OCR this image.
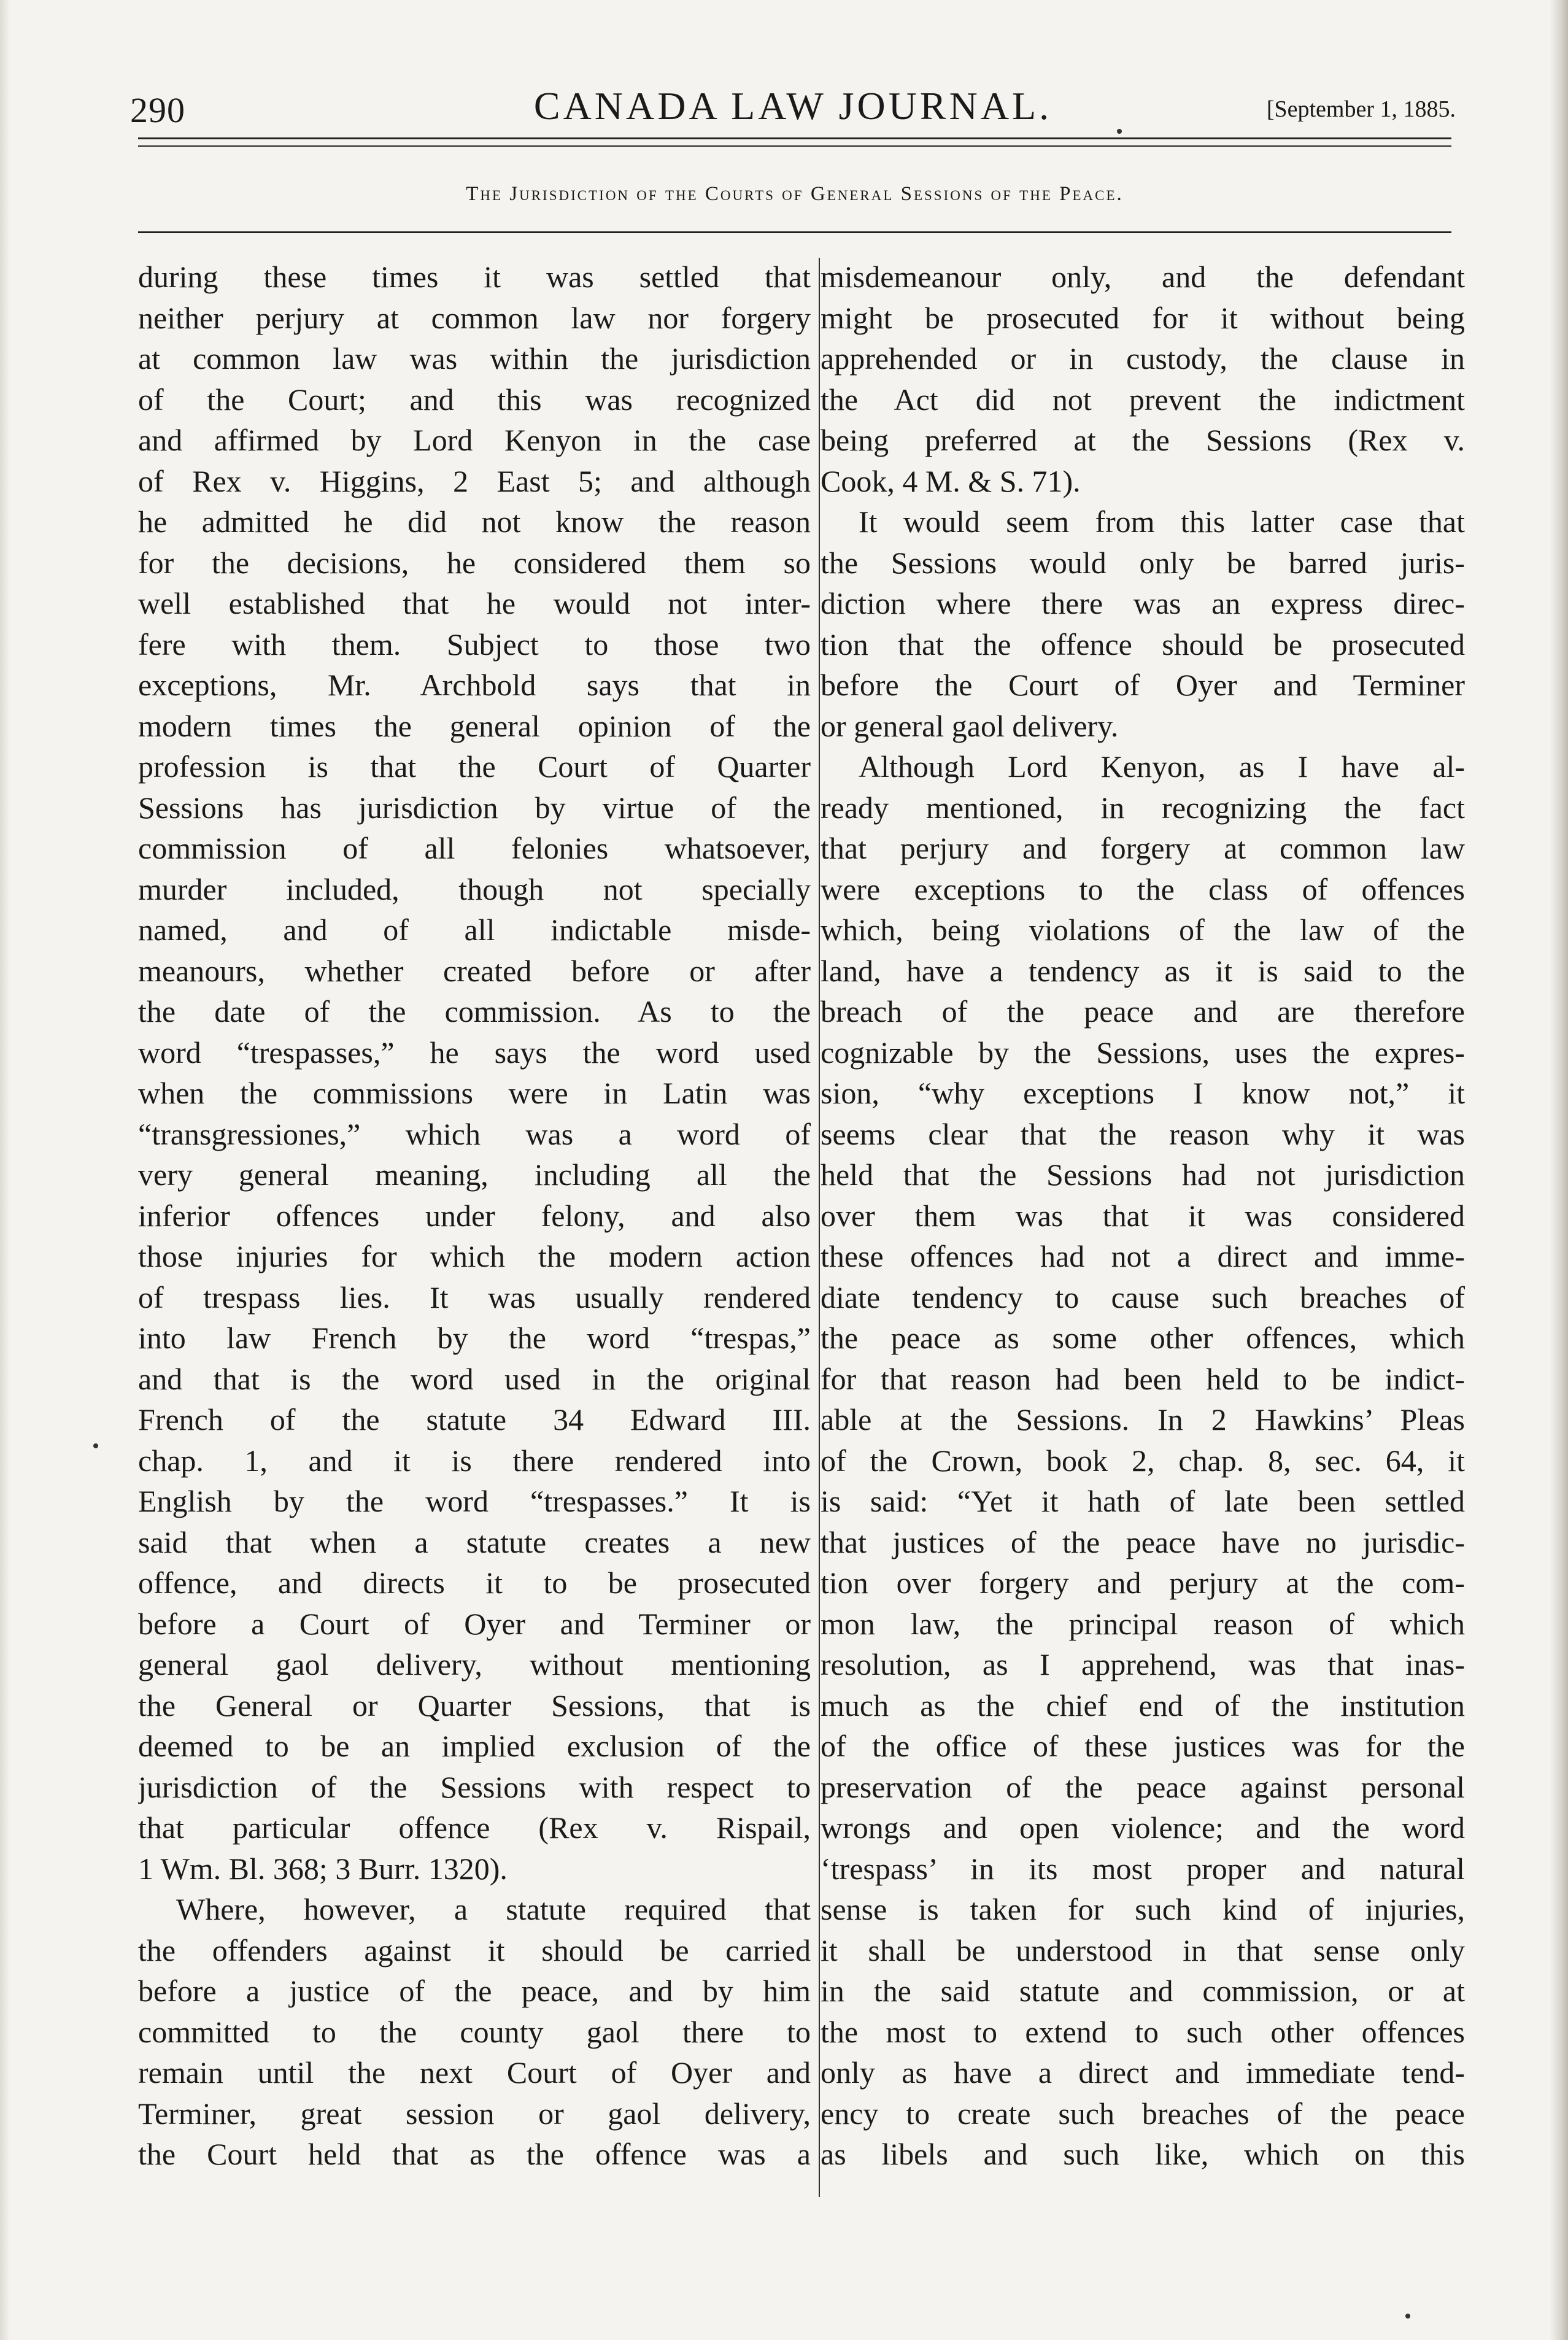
290	CANADA LAW JOURNAL.	[September 1, 1885.
The Jurisdiction of the Courts of General Sessions of the Peace.
during these times it was settled that
neither perjury at common law nor forgery
at common law was within the jurisdiction
of the Court; and this was recognized
and affirmed by Lord Kenyon in the case
of Rex v. Higgins, 2 East 5; and although
he admitted he did not know the reason
for the decisions, he considered them so
well established that he would not inter-
fere with them. Subject to those two
exceptions, Mr. Archbold says that in
modern times the general opinion of the
profession is that the Court of Quarter
Sessions has jurisdiction by virtue of the
commission of all felonies whatsoever,
murder included, though not specially
named, and of all indictable misde-
meanours, whether created before or after
the date of the commission. As to the
word “trespasses,” he says the word used
when the commissions were in Latin was
“transgressiones,” which was a word of
very general meaning, including all the
inferior offences under felony, and also
those injuries for which the modern action
of trespass lies. It was usually rendered
into law French by the word “trespas,”
and that is the word used in the original
French of the statute 34 Edward III.
chap. 1, and it is there rendered into
English by the word “trespasses.” It is
said that when a statute creates a new
offence, and directs it to be prosecuted
before a Court of Oyer and Terminer or
general gaol delivery, without mentioning
the General or Quarter Sessions, that is
deemed to be an implied exclusion of the
jurisdiction of the Sessions with respect to
that particular offence (Rex v. Rispail,
1 Wm. Bl. 368; 3 Burr. 1320).
Where, however, a statute required that
the offenders against it should be carried
before a justice of the peace, and by him
committed to the county gaol there to
remain until the next Court of Oyer and
Terminer, great session or gaol delivery,
the Court held that as the offence was a
misdemeanour only, and the defendant
might be prosecuted for it without being
apprehended or in custody, the clause in
the Act did not prevent the indictment
being preferred at the Sessions (Rex v.
Cook, 4 M. & S. 71).
It would seem from this latter case that
the Sessions would only be barred juris-
diction where there was an express direc-
tion that the offence should be prosecuted
before the Court of Oyer and Terminer
or general gaol delivery.
Although Lord Kenyon, as I have al-
ready mentioned, in recognizing the fact
that perjury and forgery at common law
were exceptions to the class of offences
which, being violations of the law of the
land, have a tendency as it is said to the
breach of the peace and are therefore
cognizable by the Sessions, uses the expres-
sion, “why exceptions I know not,” it
seems clear that the reason why it was
held that the Sessions had not jurisdiction
over them was that it was considered
these offences had not a direct and imme-
diate tendency to cause such breaches of
the peace as some other offences, which
for that reason had been held to be indict-
able at the Sessions. In 2 Hawkins’ Pleas
of the Crown, book 2, chap. 8, sec. 64, it
is said: “Yet it hath of late been settled
that justices of the peace have no jurisdic-
tion over forgery and perjury at the com-
mon law, the principal reason of which
resolution, as I apprehend, was that inas-
much as the chief end of the institution
of the office of these justices was for the
preservation of the peace against personal
wrongs and open violence; and the word
‘trespass’ in its most proper and natural
sense is taken for such kind of injuries,
it shall be understood in that sense only
in the said statute and commission, or at
the most to extend to such other offences
only as have a direct and immediate tend-
ency to create such breaches of the peace
as libels and such like, which on this
